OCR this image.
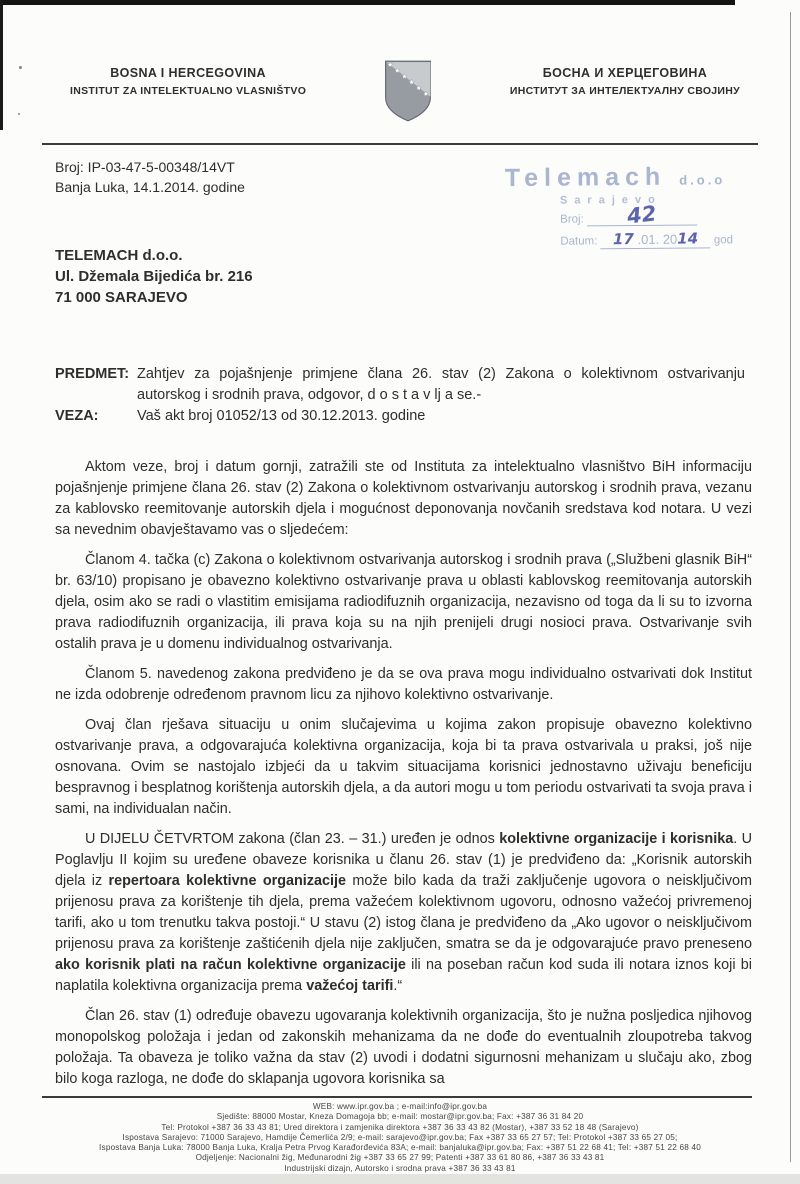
BOSNA I HERCEGOVINA
INSTITUT ZA INTELEKTUALNO VLASNIŠTVO
БОСНА И ХЕРЦЕГОВИНА
ИНСТИТУТ ЗА ИНТЕЛЕКТУАЛНУ СВОЈИНУ
Broj: IP-03-47-5-00348/14VT
Banja Luka, 14.1.2014. godine	Telemach d.o.o
Sarajevo
Broj: 42
Datum: 17 .01. 2014 god
TELEMACH d.o.o.
Ul. Džemala Bijedića br. 216
71 000 SARAJEVO
PREDMET: Zahtjev za pojašnjenje primjene člana 26. stav (2) Zakona o kolektivnom ostvarivanju autorskog i srodnih prava, odgovor, d o s t a v lj a se.-
VEZA:	Vaš akt broj 01052/13 od 30.12.2013. godine

Aktom veze, broj i datum gornji, zatražili ste od Instituta za intelektualno vlasništvo BiH informaciju pojašnjenje primjene člana 26. stav (2) Zakona o kolektivnom ostvarivanju autorskog i srodnih prava, vezanu za kablovsko reemitovanje autorskih djela i mogućnost deponovanja novčanih sredstava kod notara. U vezi sa nevednim obavještavamo vas o sljedećem:

Članom 4. tačka (c) Zakona o kolektivnom ostvarivanja autorskog i srodnih prava („Službeni glasnik BiH“ br. 63/10) propisano je obavezno kolektivno ostvarivanje prava u oblasti kablovskog reemitovanja autorskih djela, osim ako se radi o vlastitim emisijama radiodifuznih organizacija, nezavisno od toga da li su to izvorna prava radiodifuznih organizacija, ili prava koja su na njih prenijeli drugi nosioci prava. Ostvarivanje svih ostalih prava je u domenu individualnog ostvarivanja.

Članom 5. navedenog zakona predviđeno je da se ova prava mogu individualno ostvarivati dok Institut ne izda odobrenje određenom pravnom licu za njihovo kolektivno ostvarivanje.

Ovaj član rješava situaciju u onim slučajevima u kojima zakon propisuje obavezno kolektivno ostvarivanje prava, a odgovarajuća kolektivna organizacija, koja bi ta prava ostvarivala u praksi, još nije osnovana. Ovim se nastojalo izbjeći da u takvim situacijama korisnici jednostavno uživaju beneficiju bespravnog i besplatnog korištenja autorskih djela, a da autori mogu u tom periodu ostvarivati ta svoja prava i sami, na individualan način.

U DIJELU ČETVRTOM zakona (član 23. – 31.) uređen je odnos kolektivne organizacije i korisnika. U Poglavlju II kojim su uređene obaveze korisnika u članu 26. stav (1) je predviđeno da: „Korisnik autorskih djela iz repertoara kolektivne organizacije može bilo kada da traži zaključenje ugovora o neisključivom prijenosu prava za korištenje tih djela, prema važećem kolektivnom ugovoru, odnosno važećoj privremenoj tarifi, ako u tom trenutku takva postoji.“ U stavu (2) istog člana je predviđeno da „Ako ugovor o neisključivom prijenosu prava za korištenje zaštićenih djela nije zaključen, smatra se da je odgovarajuće pravo preneseno ako korisnik plati na račun kolektivne organizacije ili na poseban račun kod suda ili notara iznos koji bi naplatila kolektivna organizacija prema važećoj tarifi.“

Član 26. stav (1) određuje obavezu ugovaranja kolektivnih organizacija, što je nužna posljedica njihovog monopolskog položaja i jedan od zakonskih mehanizama da ne dođe do eventualnih zloupotreba takvog položaja. Ta obaveza je toliko važna da stav (2) uvodi i dodatni sigurnosni mehanizam u slučaju ako, zbog bilo koga razloga, ne dođe do sklapanja ugovora korisnika sa

WEB: www.ipr.gov.ba ; e-mail:info@ipr.gov.ba
Sjedište: 88000 Mostar, Kneza Domagoja bb; e-mail: mostar@ipr.gov.ba; Fax: +387 36 31 84 20
Tel: Protokol +387 36 33 43 81; Ured direktora i zamjenika direktora +387 36 33 43 82 (Mostar), +387 33 52 18 48 (Sarajevo)
Ispostava Sarajevo: 71000 Sarajevo, Hamdije Čemerlića 2/9; e-mail: sarajevo@ipr.gov.ba; Fax +387 33 65 27 57; Tel: Protokol +387 33 65 27 05;
Ispostava Banja Luka: 78000 Banja Luka, Kralja Petra Prvog Karađorđevića 83A; e-mail: banjaluka@ipr.gov.ba; Fax: +387 51 22 68 41; Tel: +387 51 22 68 40
Odjeljenje: Nacionalni žig, Međunarodni žig +387 33 65 27 99; Patenti +387 33 61 80 86, +387 36 33 43 81
Industrijski dizajn, Autorsko i srodna prava +387 36 33 43 81
